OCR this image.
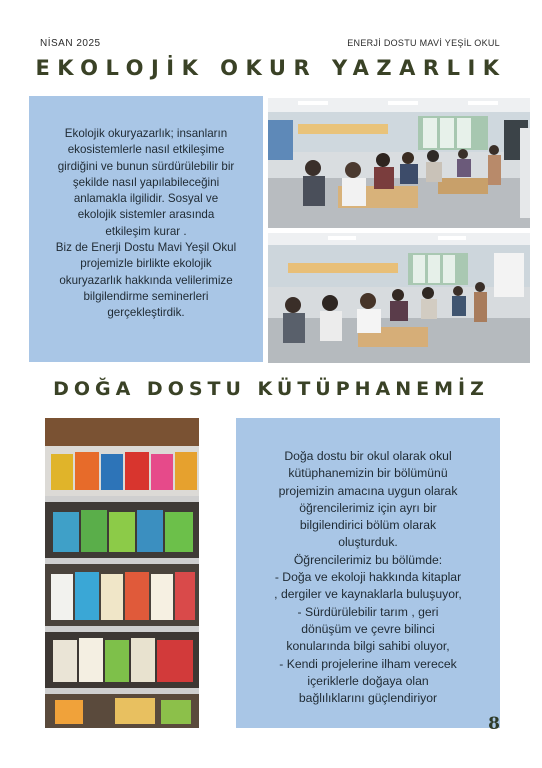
NİSAN 2025	ENERJİ DOSTU MAVİ YEŞİL OKUL
EKOLOJİK OKUR YAZARLIK

Ekolojik okuryazarlık; insanların
ekosistemlerle nasıl etkileşime
girdiğini ve bunun sürdürülebilir bir
şekilde nasıl yapılabileceğini
anlamakla ilgilidir. Sosyal ve
ekolojik sistemler arasında
etkileşim kurar .
Biz de Enerji Dostu Mavi Yeşil Okul
projemizle birlikte ekolojik
okuryazarlık hakkında velilerimize
bilgilendirme seminerleri
gerçekleştirdik.

DOĞA DOSTU KÜTÜPHANEMİZ

Doğa dostu bir okul olarak okul
kütüphanemizin bir bölümünü
projemizin amacına uygun olarak
öğrencilerimiz için ayrı bir
bilgilendirici bölüm olarak
oluşturduk.
Öğrencilerimiz bu bölümde:
- Doğa ve ekoloji hakkında kitaplar
, dergiler ve kaynaklarla buluşuyor,
- Sürdürülebilir tarım , geri
dönüşüm ve çevre bilinci
konularında bilgi sahibi oluyor,
- Kendi projelerine ilham verecek
içeriklerle doğaya olan
bağlılıklarını güçlendiriyor

8
